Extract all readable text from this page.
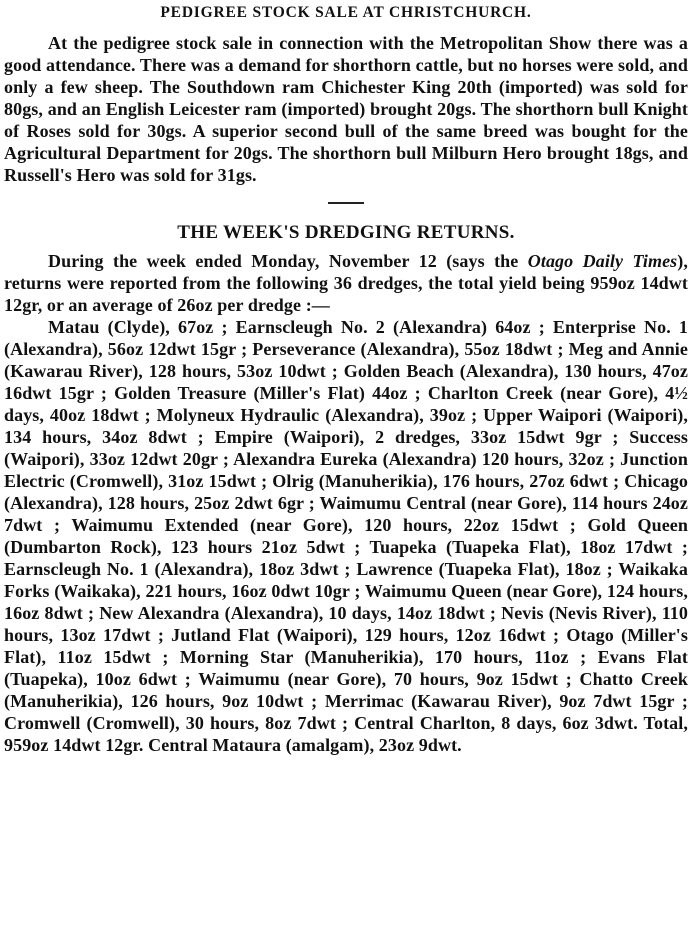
PEDIGREE STOCK SALE AT CHRISTCHURCH.

At the pedigree stock sale in connection with the Metropolitan Show there was a good attendance. There was a demand for shorthorn cattle, but no horses were sold, and only a few sheep. The Southdown ram Chichester King 20th (imported) was sold for 80gs, and an English Leicester ram (imported) brought 20gs. The shorthorn bull Knight of Roses sold for 30gs. A superior second bull of the same breed was bought for the Agricultural Department for 20gs. The shorthorn bull Milburn Hero brought 18gs, and Russell's Hero was sold for 31gs.

THE WEEK'S DREDGING RETURNS.

During the week ended Monday, November 12 (says the Otago Daily Times), returns were reported from the following 36 dredges, the total yield being 959oz 14dwt 12gr, or an average of 26oz per dredge :—

Matau (Clyde), 67oz ; Earnscleugh No. 2 (Alexandra) 64oz ; Enterprise No. 1 (Alexandra), 56oz 12dwt 15gr ; Perseverance (Alexandra), 55oz 18dwt ; Meg and Annie (Kawarau River), 128 hours, 53oz 10dwt ; Golden Beach (Alexandra), 130 hours, 47oz 16dwt 15gr ; Golden Treasure (Miller's Flat) 44oz ; Charlton Creek (near Gore), 4½ days, 40oz 18dwt ; Molyneux Hydraulic (Alexandra), 39oz ; Upper Waipori (Waipori), 134 hours, 34oz 8dwt ; Empire (Waipori), 2 dredges, 33oz 15dwt 9gr ; Success (Waipori), 33oz 12dwt 20gr ; Alexandra Eureka (Alexandra) 120 hours, 32oz ; Junction Electric (Cromwell), 31oz 15dwt ; Olrig (Manuherikia), 176 hours, 27oz 6dwt ; Chicago (Alexandra), 128 hours, 25oz 2dwt 6gr ; Waimumu Central (near Gore), 114 hours 24oz 7dwt ; Waimumu Extended (near Gore), 120 hours, 22oz 15dwt ; Gold Queen (Dumbarton Rock), 123 hours 21oz 5dwt ; Tuapeka (Tuapeka Flat), 18oz 17dwt ; Earnscleugh No. 1 (Alexandra), 18oz 3dwt ; Lawrence (Tuapeka Flat), 18oz ; Waikaka Forks (Waikaka), 221 hours, 16oz 0dwt 10gr ; Waimumu Queen (near Gore), 124 hours, 16oz 8dwt ; New Alexandra (Alexandra), 10 days, 14oz 18dwt ; Nevis (Nevis River), 110 hours, 13oz 17dwt ; Jutland Flat (Waipori), 129 hours, 12oz 16dwt ; Otago (Miller's Flat), 11oz 15dwt ; Morning Star (Manuherikia), 170 hours, 11oz ; Evans Flat (Tuapeka), 10oz 6dwt ; Waimumu (near Gore), 70 hours, 9oz 15dwt ; Chatto Creek (Manuherikia), 126 hours, 9oz 10dwt ; Merrimac (Kawarau River), 9oz 7dwt 15gr ; Cromwell (Cromwell), 30 hours, 8oz 7dwt ; Central Charlton, 8 days, 6oz 3dwt. Total, 959oz 14dwt 12gr. Central Mataura (amalgam), 23oz 9dwt.
